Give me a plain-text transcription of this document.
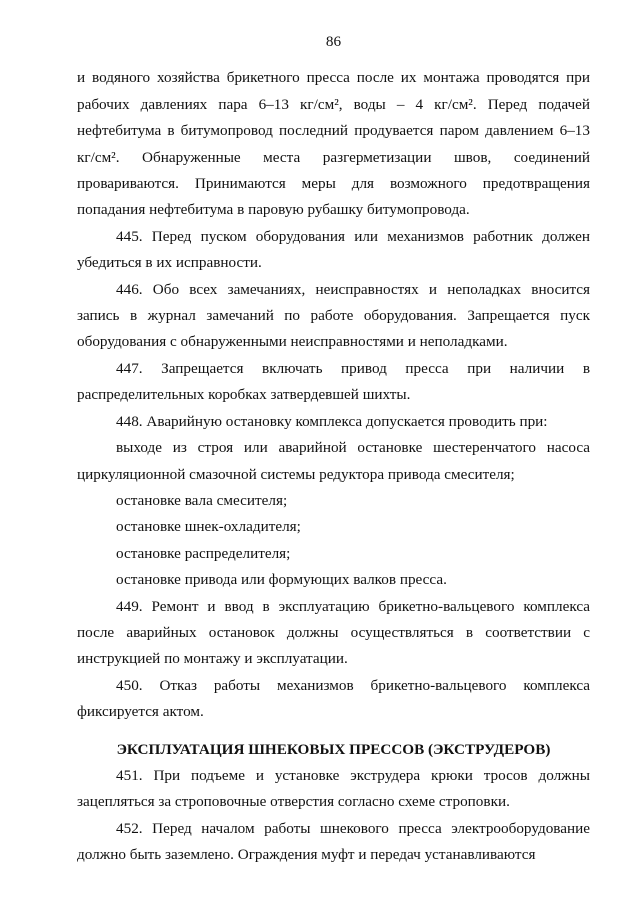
86

и водяного хозяйства брикетного пресса после их монтажа проводятся при рабочих давлениях пара 6–13 кг/см², воды – 4 кг/см². Перед подачей нефтебитума в битумопровод последний продувается паром давлением 6–13 кг/см². Обнаруженные места разгерметизации швов, соединений провариваются. Принимаются меры для возможного предотвращения попадания нефтебитума в паровую рубашку битумопровода.

445. Перед пуском оборудования или механизмов работник должен убедиться в их исправности.

446. Обо всех замечаниях, неисправностях и неполадках вносится запись в журнал замечаний по работе оборудования. Запрещается пуск оборудования с обнаруженными неисправностями и неполадками.

447. Запрещается включать привод пресса при наличии в распределительных коробках затвердевшей шихты.

448. Аварийную остановку комплекса допускается проводить при:

выходе из строя или аварийной остановке шестеренчатого насоса циркуляционной смазочной системы редуктора привода смесителя;

остановке вала смесителя;

остановке шнек-охладителя;

остановке распределителя;

остановке привода или формующих валков пресса.

449. Ремонт и ввод в эксплуатацию брикетно-вальцевого комплекса после аварийных остановок должны осуществляться в соответствии с инструкцией по монтажу и эксплуатации.

450. Отказ работы механизмов брикетно-вальцевого комплекса фиксируется актом.

ЭКСПЛУАТАЦИЯ ШНЕКОВЫХ ПРЕССОВ (ЭКСТРУДЕРОВ)

451. При подъеме и установке экструдера крюки тросов должны зацепляться за строповочные отверстия согласно схеме строповки.

452. Перед началом работы шнекового пресса электрооборудование должно быть заземлено. Ограждения муфт и передач устанавливаются
